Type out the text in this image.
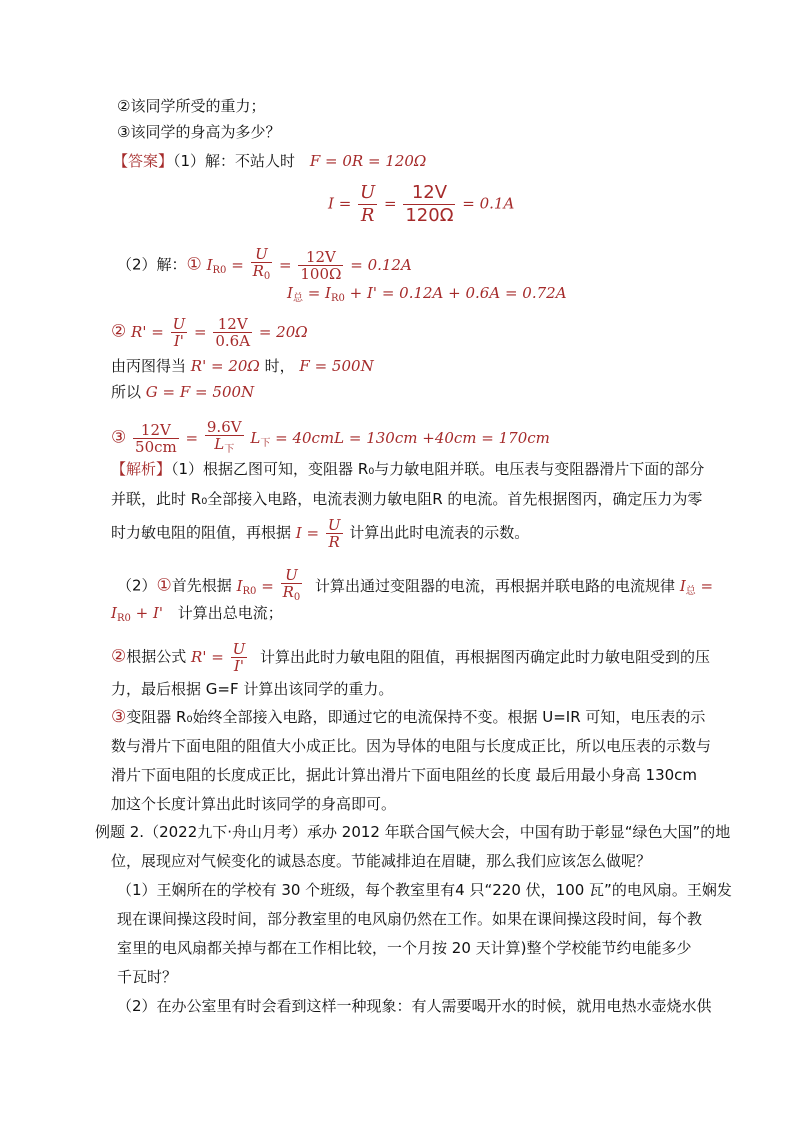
②该同学所受的重力；
③该同学的身高为多少？
【答案】（1）解：不站人时 F = 0R = 120Ω
$I = \frac{U}{R} = \frac{12V}{120\Omega} = 0.1A$
（2）解：① $I_{R0} = \frac{U}{R_0} = \frac{12V}{100\Omega} = 0.12A$
$I_总 = I_{R0} + I' = 0.12A + 0.6A = 0.72A$
② $R' = \frac{U}{I'} = \frac{12V}{0.6A} = 20\Omega$
由丙图得当 R' = 20Ω 时， F = 500N
所以 G = F = 500N
③ $\frac{12V}{50cm} = \frac{9.6V}{L_下} L_下 = 40cmL = 130cm +40cm = 170cm$
【解析】（1）根据乙图可知，变阻器 R₀与力敏电阻并联。电压表与变阻器滑片下面的部分
并联，此时 R₀全部接入电路，电流表测力敏电阻R 的电流。首先根据图丙，确定压力为零
时力敏电阻的阻值，再根据 $I = \frac{U}{R}$ 计算出此时电流表的示数。
（2）①首先根据 $I_{R0} = \frac{U}{R_0}$ 计算出通过变阻器的电流，再根据并联电路的电流规律 $I_总$ =
$I_{R0} + I'$ 计算出总电流；
②根据公式 $R' = \frac{U}{I'}$ 计算出此时力敏电阻的阻值，再根据图丙确定此时力敏电阻受到的压
力，最后根据 G=F 计算出该同学的重力。
③变阻器 R₀始终全部接入电路，即通过它的电流保持不变。根据 U=IR 可知，电压表的示
数与滑片下面电阻的阻值大小成正比。因为导体的电阻与长度成正比，所以电压表的示数与
滑片下面电阻的长度成正比，据此计算出滑片下面电阻丝的长度 最后用最小身高 130cm
加这个长度计算出此时该同学的身高即可。
例题 2.（2022九下·舟山月考）承办 2012 年联合国气候大会，中国有助于彰显“绿色大国”的地
位，展现应对气候变化的诚恳态度。节能减排迫在眉睫，那么我们应该怎么做呢？
（1）王娴所在的学校有 30 个班级，每个教室里有4 只“220 伏，100 瓦”的电风扇。王娴发
现在课间操这段时间，部分教室里的电风扇仍然在工作。如果在课间操这段时间，每个教
室里的电风扇都关掉与都在工作相比较，一个月按 20 天计算)整个学校能节约电能多少
千瓦时？
（2）在办公室里有时会看到这样一种现象：有人需要喝开水的时候，就用电热水壶烧水供
